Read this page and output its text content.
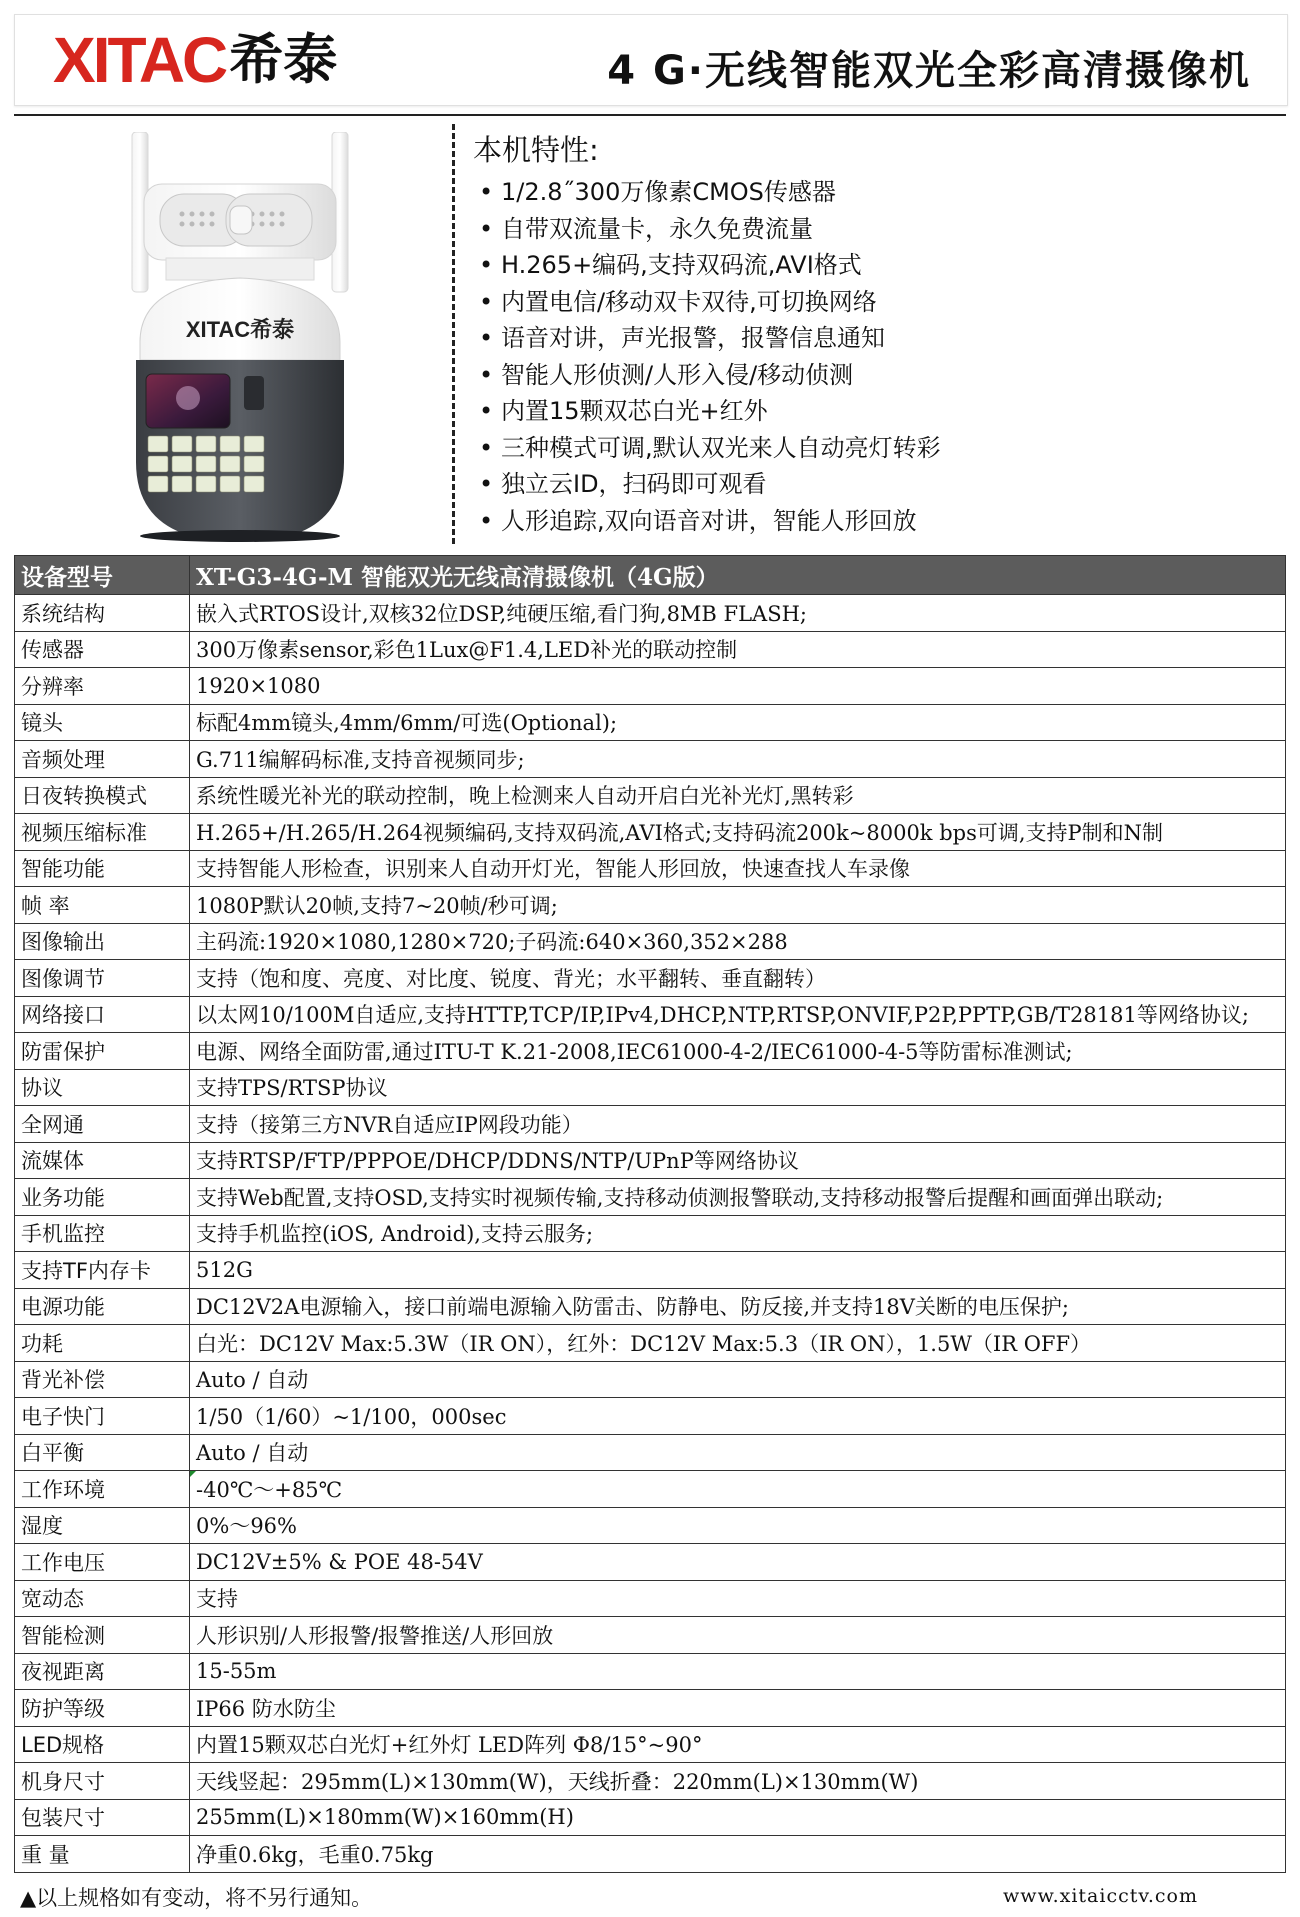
XITAC 希泰	4 G·无线智能双光全彩高清摄像机
XITAC希泰
本机特性:
• 1/2.8˝300万像素CMOS传感器
• 自带双流量卡，永久免费流量
• H.265+编码,支持双码流,AVI格式
• 内置电信/移动双卡双待,可切换网络
• 语音对讲，声光报警，报警信息通知
• 智能人形侦测/人形入侵/移动侦测
• 内置15颗双芯白光+红外
• 三种模式可调,默认双光来人自动亮灯转彩
• 独立云ID，扫码即可观看
• 人形追踪,双向语音对讲，智能人形回放
设备型号	XT-G3-4G-M 智能双光无线高清摄像机（4G版）
系统结构	嵌入式RTOS设计,双核32位DSP,纯硬压缩,看门狗,8MB FLASH;
传感器	300万像素sensor,彩色1Lux@F1.4,LED补光的联动控制
分辨率	1920×1080
镜头	标配4mm镜头,4mm/6mm/可选(Optional);
音频处理	G.711编解码标准,支持音视频同步;
日夜转换模式	系统性暖光补光的联动控制，晚上检测来人自动开启白光补光灯,黑转彩
视频压缩标准	H.265+/H.265/H.264视频编码,支持双码流,AVI格式;支持码流200k~8000k bps可调,支持P制和N制
智能功能	支持智能人形检查，识别来人自动开灯光，智能人形回放，快速查找人车录像
帧 率	1080P默认20帧,支持7~20帧/秒可调;
图像输出	主码流:1920×1080,1280×720;子码流:640×360,352×288
图像调节	支持（饱和度、亮度、对比度、锐度、背光；水平翻转、垂直翻转）
网络接口	以太网10/100M自适应,支持HTTP,TCP/IP,IPv4,DHCP,NTP,RTSP,ONVIF,P2P,PPTP,GB/T28181等网络协议;
防雷保护	电源、网络全面防雷,通过ITU-T K.21-2008,IEC61000-4-2/IEC61000-4-5等防雷标准测试;
协议	支持TPS/RTSP协议
全网通	支持（接第三方NVR自适应IP网段功能）
流媒体	支持RTSP/FTP/PPPOE/DHCP/DDNS/NTP/UPnP等网络协议
业务功能	支持Web配置,支持OSD,支持实时视频传输,支持移动侦测报警联动,支持移动报警后提醒和画面弹出联动;
手机监控	支持手机监控(iOS, Android),支持云服务;
支持TF内存卡	512G
电源功能	DC12V2A电源输入，接口前端电源输入防雷击、防静电、防反接,并支持18V关断的电压保护;
功耗	白光：DC12V Max:5.3W（IR ON），红外：DC12V Max:5.3（IR ON），1.5W（IR OFF）
背光补偿	Auto / 自动
电子快门	1/50（1/60）~1/100，000sec
白平衡	Auto / 自动
工作环境	-40℃～+85℃
湿度	0%～96%
工作电压	DC12V±5% & POE 48-54V
宽动态	支持
智能检测	人形识别/人形报警/报警推送/人形回放
夜视距离	15-55m
防护等级	IP66 防水防尘
LED规格	内置15颗双芯白光灯+红外灯 LED阵列 Φ8/15°~90°
机身尺寸	天线竖起：295mm(L)×130mm(W)，天线折叠：220mm(L)×130mm(W)
包装尺寸	255mm(L)×180mm(W)×160mm(H)
重 量	净重0.6kg，毛重0.75kg
▲以上规格如有变动，将不另行通知。	www.xitaicctv.com
